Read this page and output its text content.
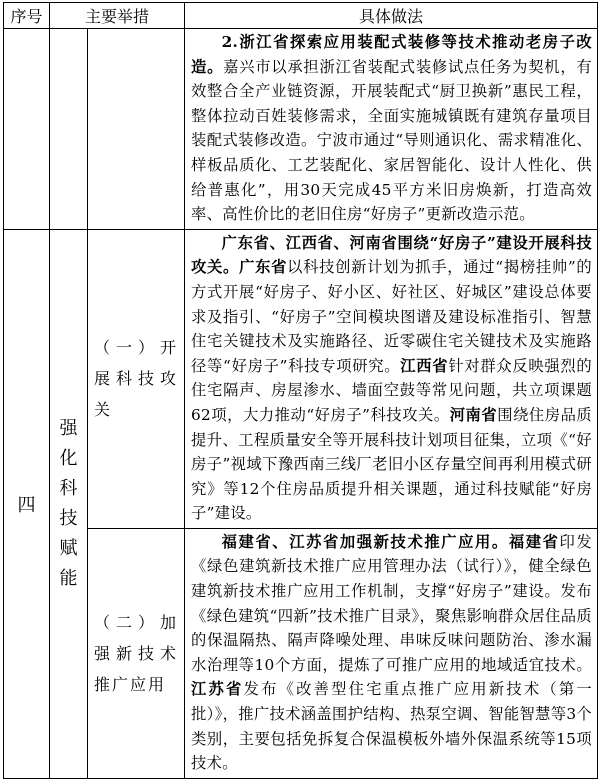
序号	主要举措		具体做法

			2.浙江省探索应用装配式装修等技术推动老房子改造。嘉兴市以承担浙江省装配式装修试点任务为契机，有效整合全产业链资源，开展装配式“厨卫换新”惠民工程，整体拉动百姓装修需求，全面实施城镇既有建筑存量项目装配式装修改造。宁波市通过“导则通识化、需求精准化、样板品质化、工艺装配化、家居智能化、设计人性化、供给普惠化”，用30天完成45平方米旧房焕新，打造高效率、高性价比的老旧住房“好房子”更新改造示范。

四	强化科技赋能	（一）开展科技攻关	广东省、江西省、河南省围绕“好房子”建设开展科技攻关。广东省以科技创新计划为抓手，通过“揭榜挂帅”的方式开展“好房子、好小区、好社区、好城区”建设总体要求及指引、“好房子”空间模块图谱及建设标准指引、智慧住宅关键技术及实施路径、近零碳住宅关键技术及实施路径等“好房子”科技专项研究。江西省针对群众反映强烈的住宅隔声、房屋渗水、墙面空鼓等常见问题，共立项课题62项，大力推动“好房子”科技攻关。河南省围绕住房品质提升、工程质量安全等开展科技计划项目征集，立项《“好房子”视域下豫西南三线厂老旧小区存量空间再利用模式研究》等12个住房品质提升相关课题，通过科技赋能“好房子”建设。

		（二）加强新技术推广应用	福建省、江苏省加强新技术推广应用。福建省印发《绿色建筑新技术推广应用管理办法（试行）》，健全绿色建筑新技术推广应用工作机制，支撑“好房子”建设。发布《绿色建筑“四新”技术推广目录》，聚焦影响群众居住品质的保温隔热、隔声降噪处理、串味反味问题防治、渗水漏水治理等10个方面，提炼了可推广应用的地域适宜技术。江苏省发布《改善型住宅重点推广应用新技术（第一批）》，推广技术涵盖围护结构、热泵空调、智能智慧等3个类别，主要包括免拆复合保温模板外墙外保温系统等15项技术。
